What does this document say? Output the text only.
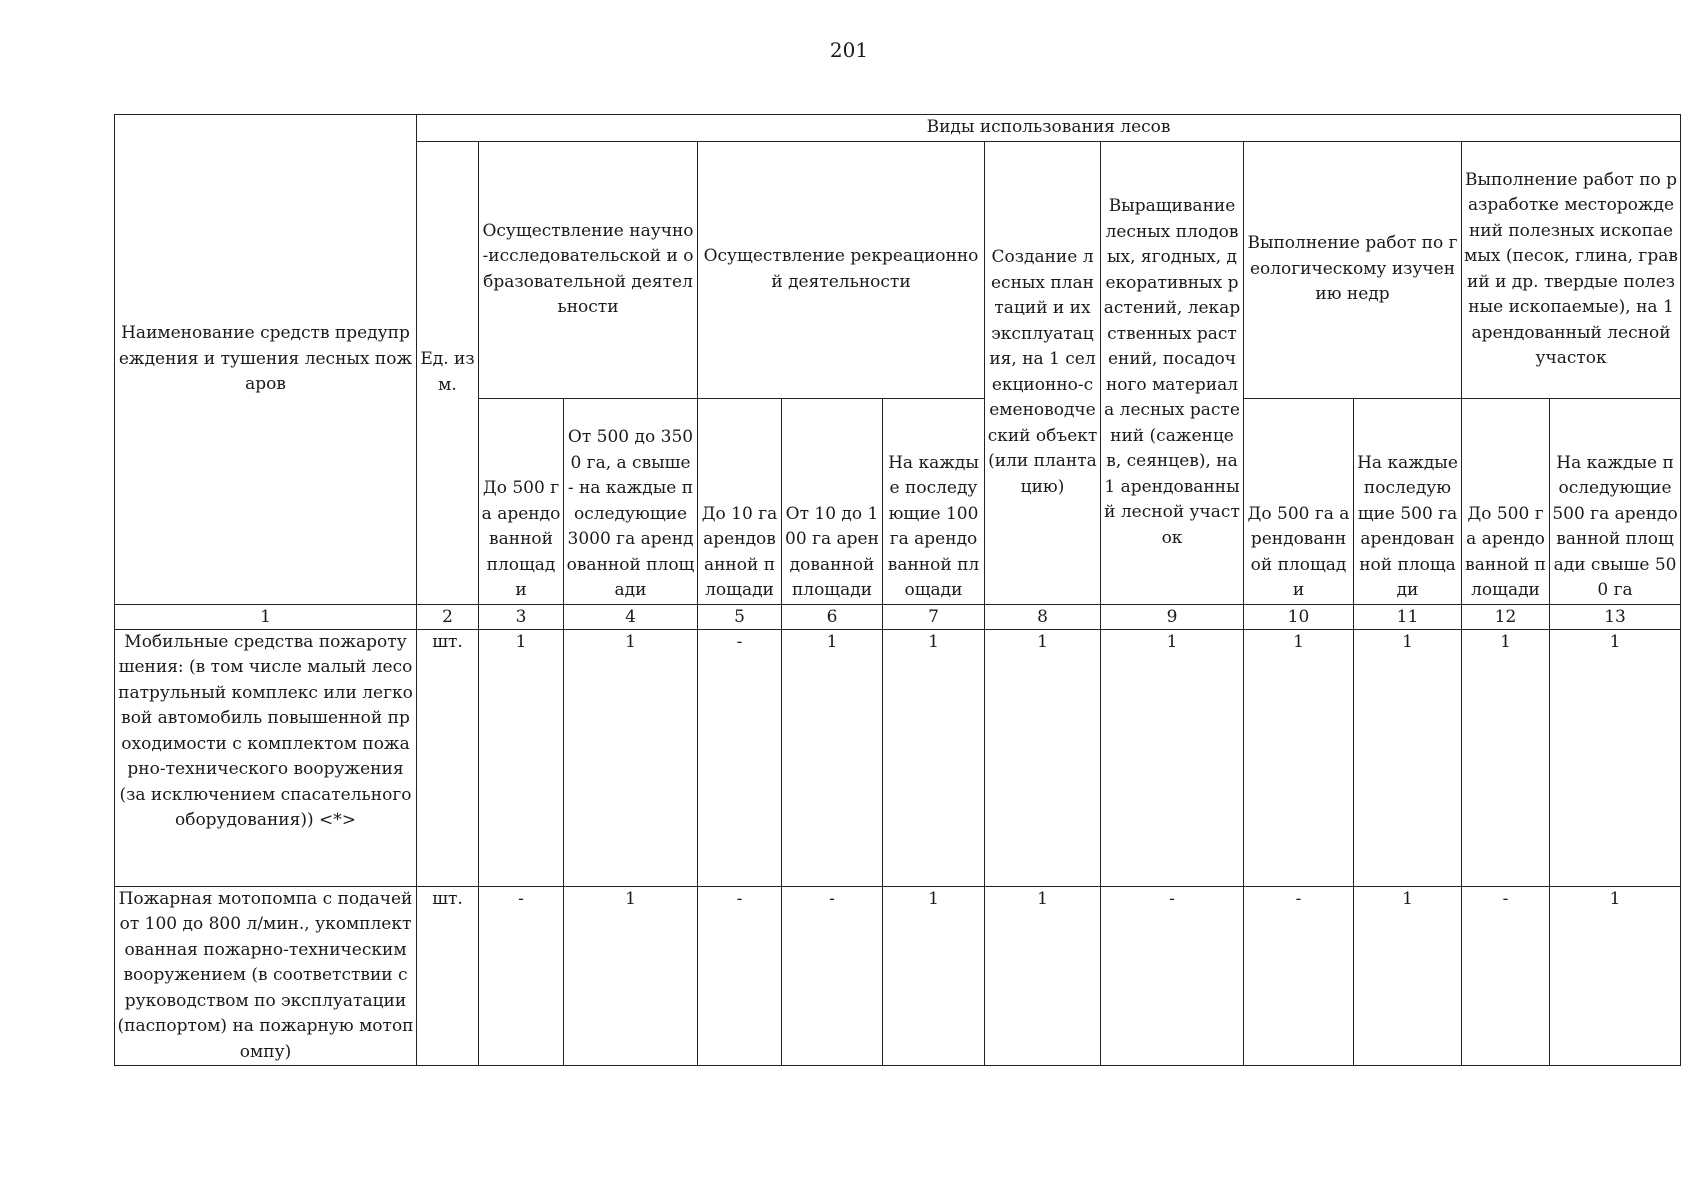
201
Наименование средств предупреждения и тушения лесных пожаров	Виды использования лесов											
	Ед. изм.	Осуществление научно-исследовательской и образовательной деятельности		Осуществление рекреационной деятельности			Создание лесных плантаций и их эксплуатация, на 1 селекционно-семеноводческий объект (или плантацию)	Выращивание лесных плодовых, ягодных, декоративных растений, лекарственных растений, посадочного материала лесных растений (саженцев, сеянцев), на 1 арендованный лесной участок	Выполнение работ по геологическому изучению недр		Выполнение работ по разработке месторождений полезных ископаемых (песок, глина, гравий и др. твердые полезные ископаемые), на 1 арендованный лесной участок	
		До 500 га арендованной площади	От 500 до 3500 га, а свыше - на каждые последующие 3000 га арендованной площади	До 10 га арендованной площади	От 10 до 100 га арендованной площади	На каждые последующие 100 га арендованной площади			До 500 га арендованной площади	На каждые последующие 500 га арендованной площади	До 500 га арендованной площади	На каждые последующие 500 га арендованной площади свыше 500 га
1	2	3	4	5	6	7	8	9	10	11	12	13
Мобильные средства пожаротушения: (в том числе малый лесопатрульный комплекс или легковой автомобиль повышенной проходимости с комплектом пожарно-технического вооружения (за исключением спасательного оборудования)) <*>	шт.	1	1	-	1	1	1	1	1	1	1	1
Пожарная мотопомпа с подачей от 100 до 800 л/мин., укомплектованная пожарно-техническим вооружением (в соответствии с руководством по эксплуатации (паспортом) на пожарную мотопомпу)	шт.	-	1	-	-	1	1	-	-	1	-	1
